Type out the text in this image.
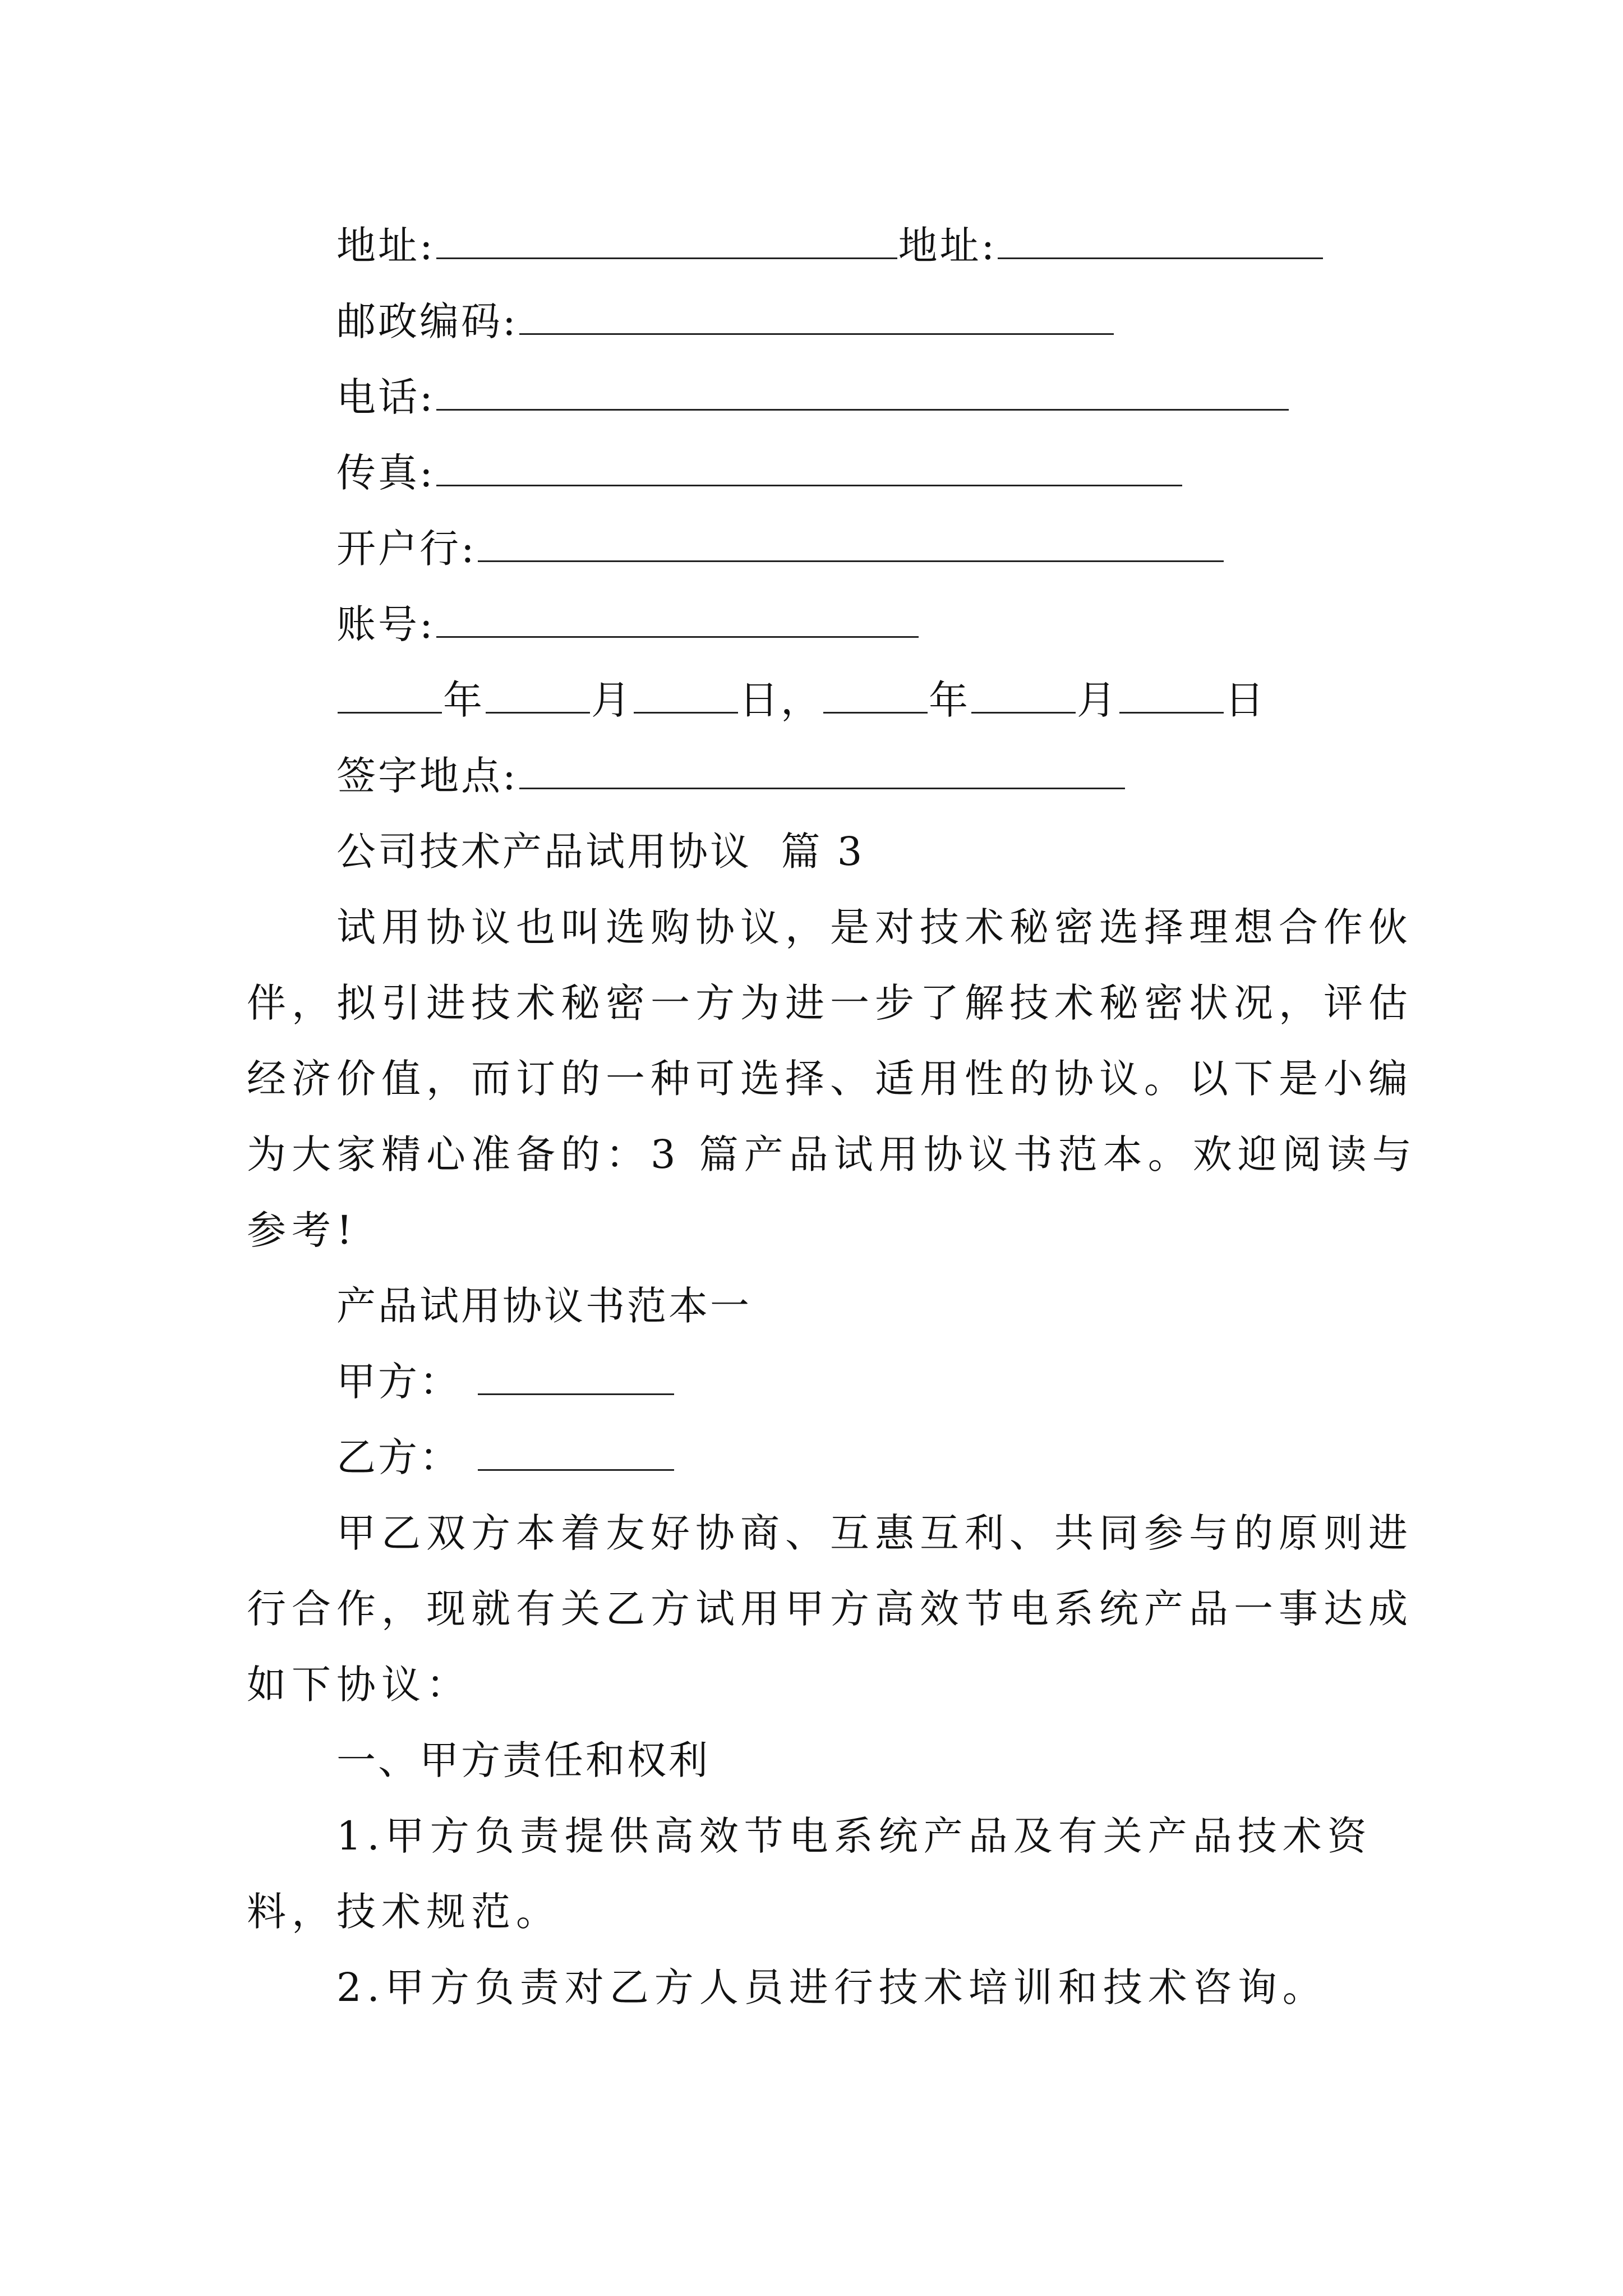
地址:	地址:
邮政编码:
电话:
传真:
开户行:
账号:
年	月	日，	年	月	日
签字地点:
公司技术产品试用协议  篇 3
试用协议也叫选购协议，是对技术秘密选择理想合作伙
伴，拟引进技术秘密一方为进一步了解技术秘密状况，评估
经济价值，而订的一种可选择、适用性的协议。以下是小编
为大家精心准备的：3 篇产品试用协议书范本。欢迎阅读与
参考!
产品试用协议书范本一
甲方：
乙方：
甲乙双方本着友好协商、互惠互利、共同参与的原则进
行合作，现就有关乙方试用甲方高效节电系统产品一事达成
如下协议：
一、甲方责任和权利
1.甲方负责提供高效节电系统产品及有关产品技术资
料，技术规范。
2.甲方负责对乙方人员进行技术培训和技术咨询。
